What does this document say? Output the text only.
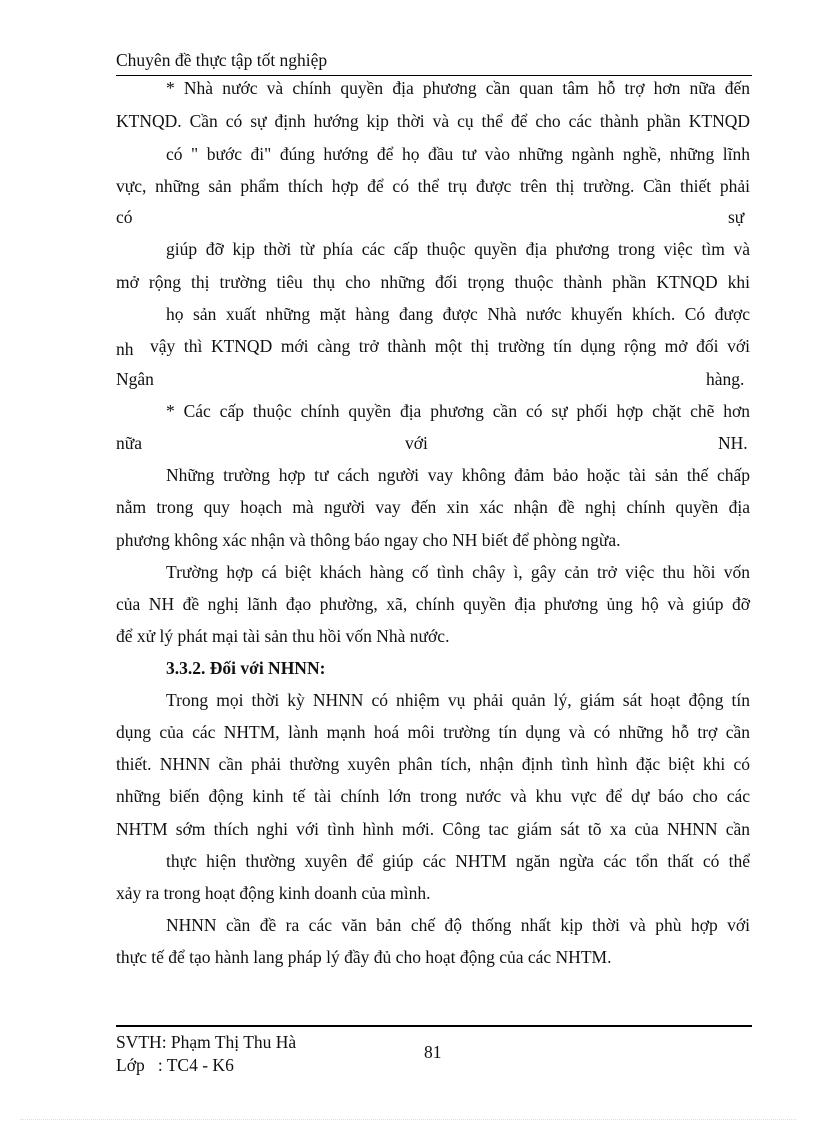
Chuyên đề thực tập tốt nghiệp
* Nhà nước và chính quyền địa phương cần quan tâm hỗ trợ hơn nữa đến
KTNQD. Cần có sự định hướng kịp thời và cụ thể để cho các thành phần KTNQD
có " bước đi" đúng hướng để họ đầu tư vào những ngành nghề, những lĩnh
vực, những sản phẩm thích hợp để có thể trụ được trên thị trường. Cần thiết phải
có	sự
giúp đỡ kịp thời từ phía các cấp thuộc quyền địa phương trong việc tìm và
mở rộng thị trường tiêu thụ cho những đối trọng thuộc thành phần KTNQD khi
họ sản xuất những mặt hàng đang được Nhà nước khuyến khích. Có được
nh vậy thì KTNQD mới càng trở thành một thị trường tín dụng rộng mở đối với
Ngân	hàng.
* Các cấp thuộc chính quyền địa phương cần có sự phối hợp chặt chẽ hơn
nữa	với	NH.
Những trường hợp tư cách người vay không đảm bảo hoặc tài sản thế chấp
nằm trong quy hoạch mà người vay đến xin xác nhận đề nghị chính quyền địa
phương không xác nhận và thông báo ngay cho NH biết để phòng ngừa.
Trường hợp cá biệt khách hàng cố tình chây ì, gây cản trở việc thu hồi vốn
của NH đề nghị lãnh đạo phường, xã, chính quyền địa phương ủng hộ và giúp đỡ
để xử lý phát mại tài sản thu hồi vốn Nhà nước.
3.3.2. Đối với NHNN:
Trong mọi thời kỳ NHNN có nhiệm vụ phải quản lý, giám sát hoạt động tín
dụng của các NHTM, lành mạnh hoá môi trường tín dụng và có những hỗ trợ cần
thiết. NHNN cần phải thường xuyên phân tích, nhận định tình hình đặc biệt khi có
những biến động kinh tế tài chính lớn trong nước và khu vực để dự báo cho các
NHTM sớm thích nghi với tình hình mới. Công tac giám sát tõ xa của NHNN cần
thực hiện thường xuyên để giúp các NHTM ngăn ngừa các tổn thất có thể
xảy ra trong hoạt động kinh doanh của mình.
NHNN cần đề ra các văn bản chế độ thống nhất kịp thời và phù hợp với
thực tế để tạo hành lang pháp lý đầy đủ cho hoạt động của các NHTM.
SVTH: Phạm Thị Thu Hà
Lớp   : TC4 - K6
81
